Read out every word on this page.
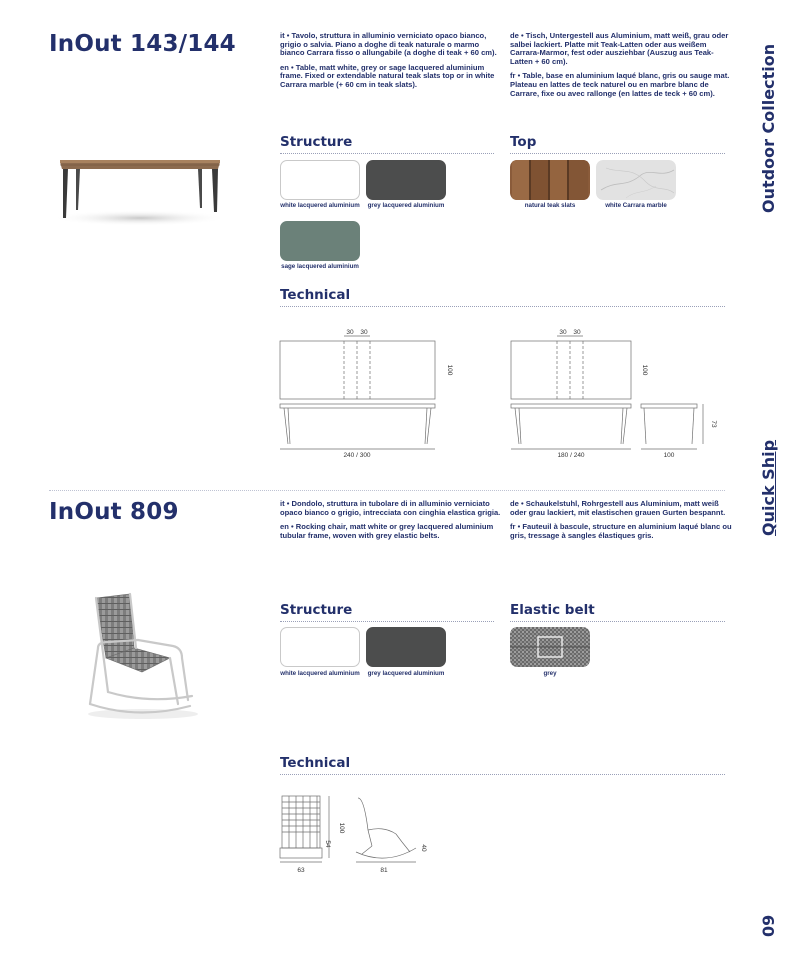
Outdoor Collection
Quick Ship
09
InOut 143/144	it • Tavolo, struttura in alluminio verniciato opaco bianco, grigio o salvia. Piano a doghe di teak naturale o marmo bianco Carrara fisso o allungabile (a doghe di teak + 60 cm).

en • Table, matt white, grey or sage lacquered aluminium frame. Fixed or extendable natural teak slats top or in white Carrara marble (+ 60 cm in teak slats).

de • Tisch, Untergestell aus Aluminium, matt weiß, grau oder salbei lackiert. Platte mit Teak-Latten oder aus weißem Carrara-Marmor, fest oder ausziehbar (Auszug aus Teak-Latten + 60 cm).

fr • Table, base en aluminium laqué blanc, gris ou sauge mat. Plateau en lattes de teck naturel ou en marbre blanc de Carrare, fixe ou avec rallonge (en lattes de teck + 60 cm).

Structure	Top
white lacquered aluminium grey lacquered aluminium
sage lacquered aluminium
natural teak slats	white Carrara marble
Technical
30 30
100
240 / 300
30 30
100
180 / 240	100
73
InOut 809	it • Dondolo, struttura in tubolare di in alluminio verniciato opaco bianco o grigio, intrecciata con cinghia elastica grigia.

en • Rocking chair, matt white or grey lacquered aluminium tubular frame, woven with grey elastic belts.

de • Schaukelstuhl, Rohrgestell aus Aluminium, matt weiß oder grau lackiert, mit elastischen grauen Gurten bespannt.

fr • Fauteuil à bascule, structure en aluminium laqué blanc ou gris, tressage à sangles élastiques gris.

Structure	Elastic belt
white lacquered aluminium grey lacquered aluminium	grey
Technical
63
100
54
81
40
